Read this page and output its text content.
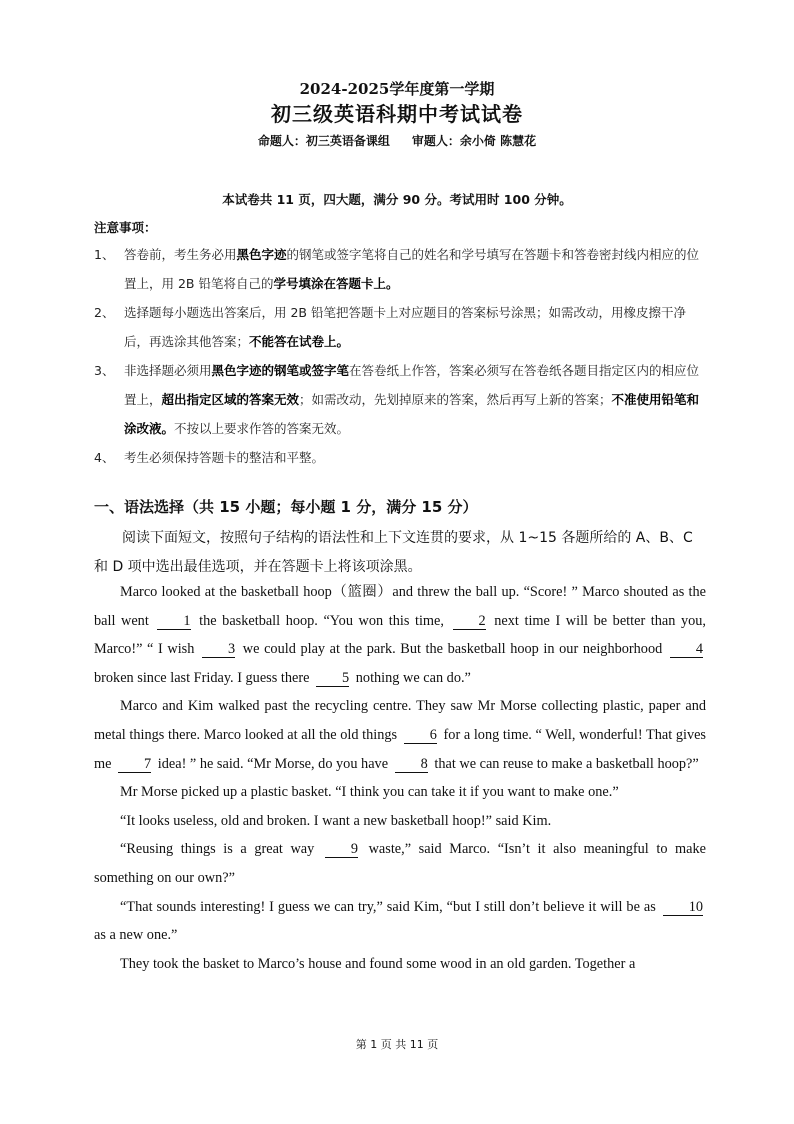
2024-2025学年度第一学期
初三级英语科期中考试试卷
命题人：初三英语备课组 审题人：余小倚 陈慧花
本试卷共 11 页，四大题，满分 90 分。考试用时 100 分钟。
注意事项：

1、 答卷前，考生务必用黑色字迹的钢笔或签字笔将自己的姓名和学号填写在答题卡和答卷密封线内相应的位置上，用 2B 铅笔将自己的学号填涂在答题卡上。

2、 选择题每小题选出答案后，用 2B 铅笔把答题卡上对应题目的答案标号涂黑；如需改动，用橡皮擦干净后，再选涂其他答案；不能答在试卷上。

3、 非选择题必须用黑色字迹的钢笔或签字笔在答卷纸上作答，答案必须写在答卷纸各题目指定区内的相应位置上，超出指定区域的答案无效；如需改动，先划掉原来的答案，然后再写上新的答案；不准使用铅笔和涂改液。不按以上要求作答的答案无效。

4、 考生必须保持答题卡的整洁和平整。

一、语法选择（共 15 小题；每小题 1 分，满分 15 分）

阅读下面短文，按照句子结构的语法性和上下文连贯的要求，从 1~15 各题所给的 A、B、C 和 D 项中选出最佳选项，并在答题卡上将该项涂黑。

Marco looked at the basketball hoop（篮圈）and threw the ball up. “Score! ” Marco shouted as the ball went 1 the basketball hoop. “You won this time, 2 next time I will be better than you, Marco!” “ I wish 3 we could play at the park. But the basketball hoop in our neighborhood 4 broken since last Friday. I guess there 5 nothing we can do.”

Marco and Kim walked past the recycling centre. They saw Mr Morse collecting plastic, paper and metal things there. Marco looked at all the old things 6 for a long time. “ Well, wonderful! That gives me 7 idea! ” he said. “Mr Morse, do you have 8 that we can reuse to make a basketball hoop?”

Mr Morse picked up a plastic basket. “I think you can take it if you want to make one.”

“It looks useless, old and broken. I want a new basketball hoop!” said Kim.

“Reusing things is a great way	9 waste,” said Marco. “Isn’t it also meaningful to make something on our own?”

“That sounds interesting! I guess we can try,” said Kim, “but I still don’t believe it will be as 10 as a new one.”

They took the basket to Marco’s house and found some wood in an old garden. Together a

第 1 页 共 11 页
